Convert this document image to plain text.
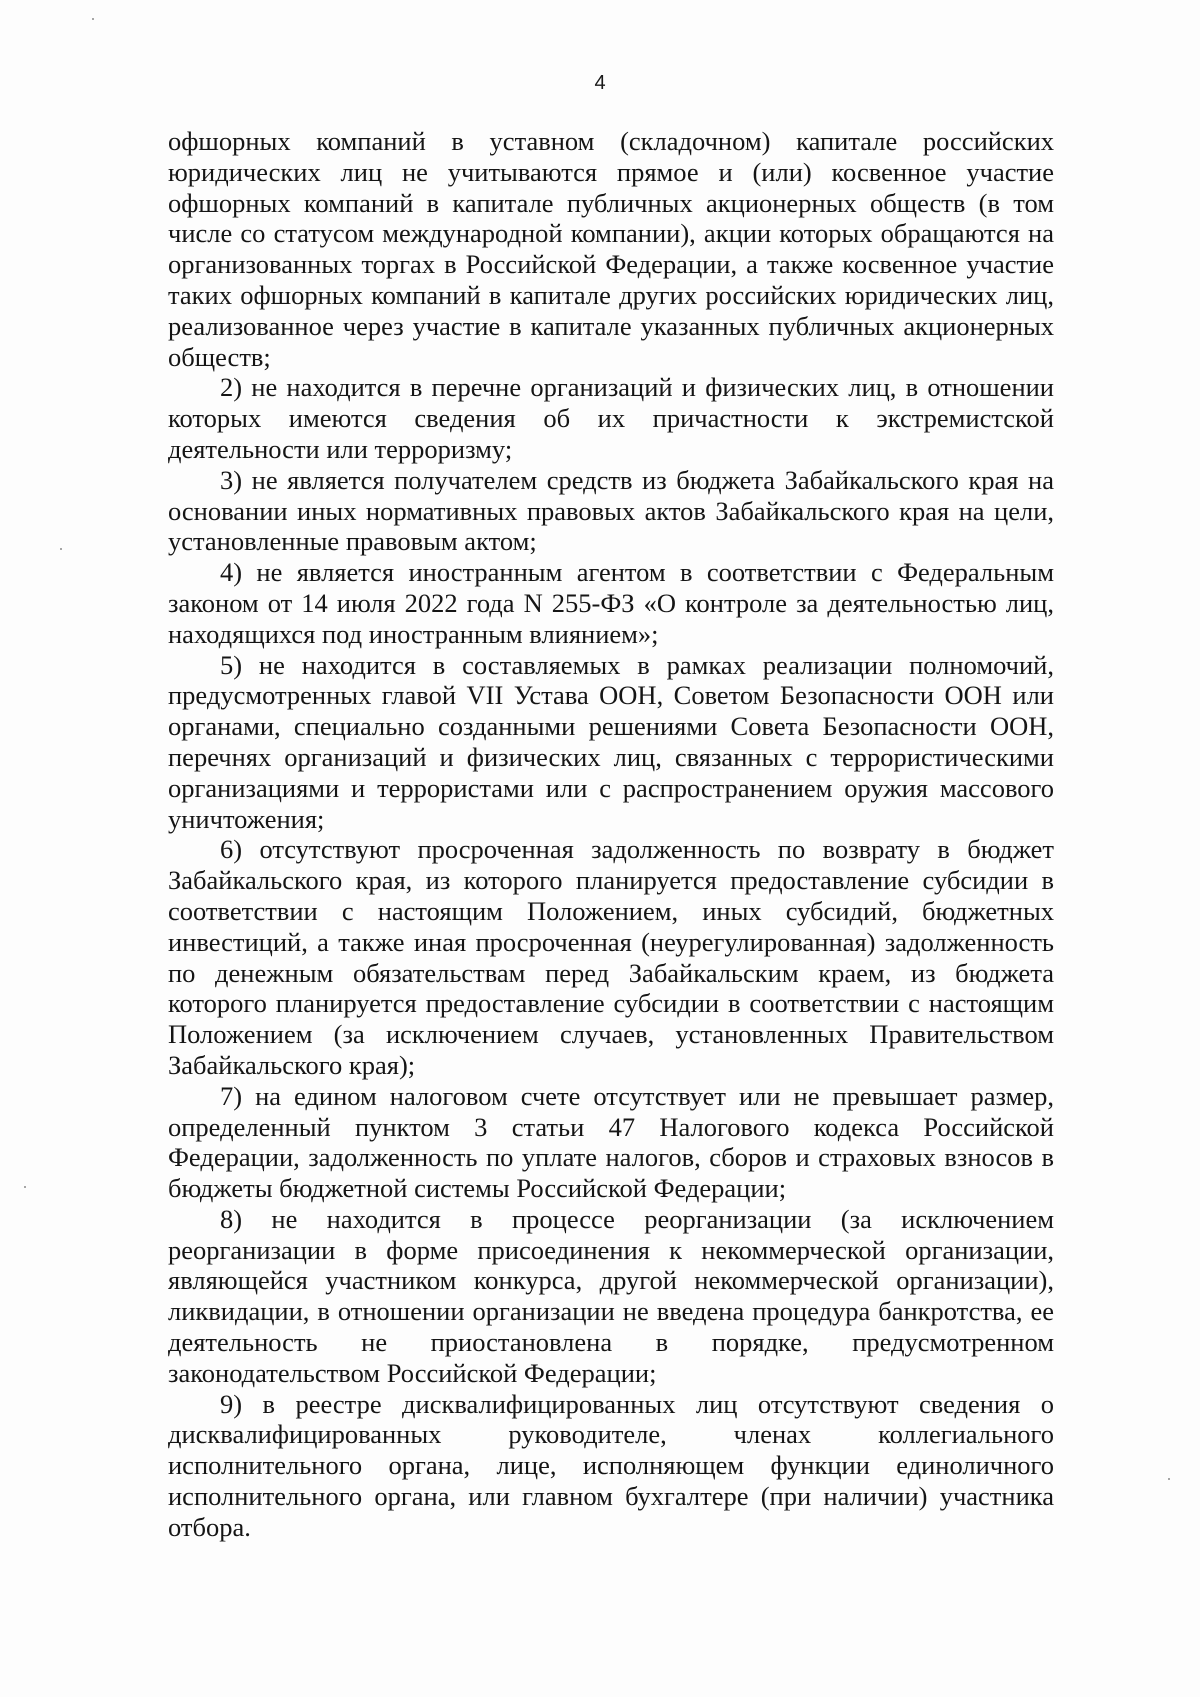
4

офшорных компаний в уставном (складочном) капитале российских юридических лиц не учитываются прямое и (или) косвенное участие офшорных компаний в капитале публичных акционерных обществ (в том числе со статусом международной компании), акции которых обращаются на организованных торгах в Российской Федерации, а также косвенное участие таких офшорных компаний в капитале других российских юридических лиц, реализованное через участие в капитале указанных публичных акционерных обществ;

2) не находится в перечне организаций и физических лиц, в отношении которых имеются сведения об их причастности к экстремистской деятельности или терроризму;

3) не является получателем средств из бюджета Забайкальского края на основании иных нормативных правовых актов Забайкальского края на цели, установленные правовым актом;

4) не является иностранным агентом в соответствии с Федеральным законом от 14 июля 2022 года N 255-ФЗ «О контроле за деятельностью лиц, находящихся под иностранным влиянием»;

5) не находится в составляемых в рамках реализации полномочий, предусмотренных главой VII Устава ООН, Советом Безопасности ООН или органами, специально созданными решениями Совета Безопасности ООН, перечнях организаций и физических лиц, связанных с террористическими организациями и террористами или с распространением оружия массового уничтожения;

6) отсутствуют просроченная задолженность по возврату в бюджет Забайкальского края, из которого планируется предоставление субсидии в соответствии с настоящим Положением, иных субсидий, бюджетных инвестиций, а также иная просроченная (неурегулированная) задолженность по денежным обязательствам перед Забайкальским краем, из бюджета которого планируется предоставление субсидии в соответствии с настоящим Положением (за исключением случаев, установленных Правительством Забайкальского края);

7) на едином налоговом счете отсутствует или не превышает размер, определенный пунктом 3 статьи 47 Налогового кодекса Российской Федерации, задолженность по уплате налогов, сборов и страховых взносов в бюджеты бюджетной системы Российской Федерации;

8) не находится в процессе реорганизации (за исключением реорганизации в форме присоединения к некоммерческой организации, являющейся участником конкурса, другой некоммерческой организации), ликвидации, в отношении организации не введена процедура банкротства, ее деятельность не приостановлена в порядке, предусмотренном законодательством Российской Федерации;

9) в реестре дисквалифицированных лиц отсутствуют сведения о дисквалифицированных руководителе, членах коллегиального исполнительного органа, лице, исполняющем функции единоличного исполнительного органа, или главном бухгалтере (при наличии) участника отбора.
